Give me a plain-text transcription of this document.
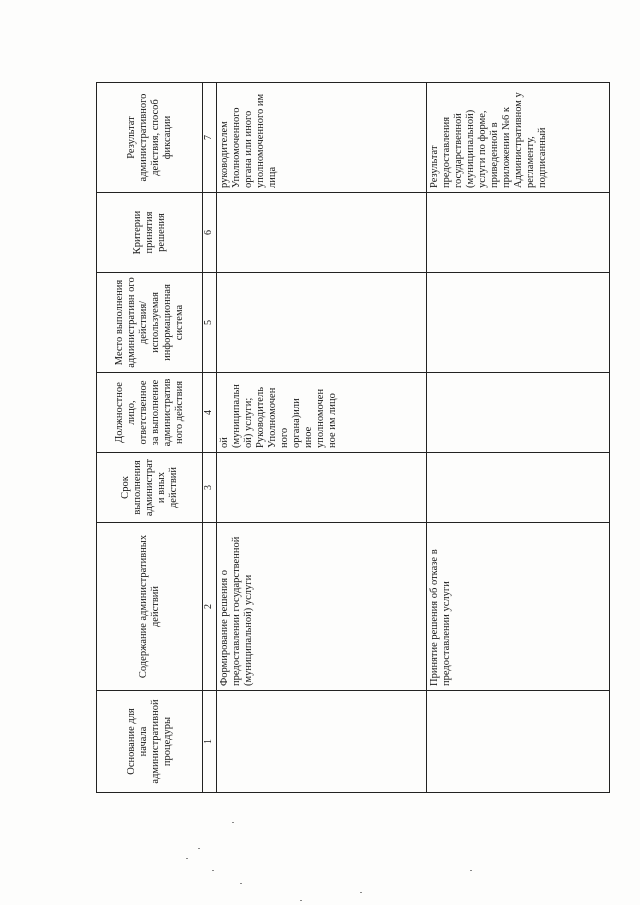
Основание для начала административной процедуры	Содержание административных действий	Срок выполнения администрати вных действий	Должностное лицо, ответственное за выполнение административного действия	Место выполнения административн ого действия/ используемая информационная система	Критерии принятия решения	Результат административного действия, способ фиксации

1	2	3	4	5	6	7

	Формирование решения о предоставлении государственной (муниципальной) услуги		ой (муниципальн ой) услуги; Руководитель Уполномочен ного органа)или иное уполномочен ное им лицо			руководителем Уполномоченного органа или иного уполномоченного им лица

	Принятие решения об отказе в предоставлении услуги					Результат предоставления государственной (муниципальной) услуги по форме, приведенной в приложении №6 к Административном у регламенту, подписанный
